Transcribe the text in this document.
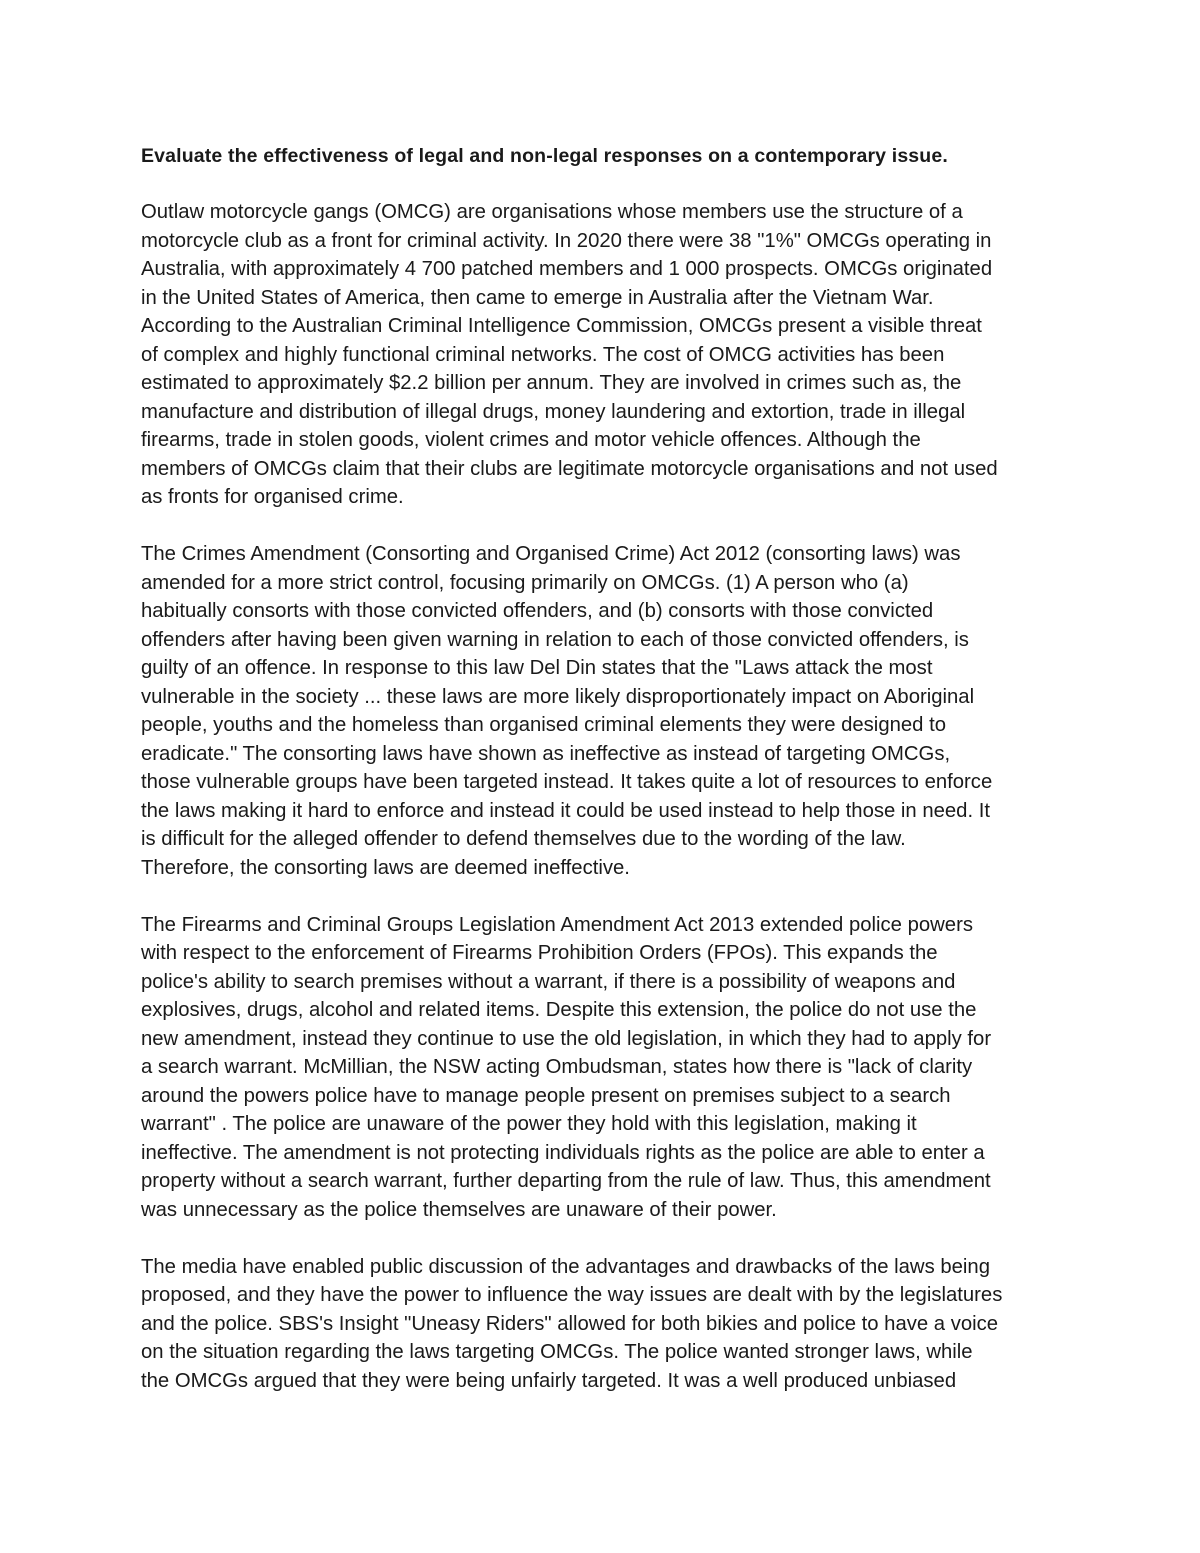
Evaluate the effectiveness of legal and non-legal responses on a contemporary issue.
Outlaw motorcycle gangs (OMCG) are organisations whose members use the structure of a
motorcycle club as a front for criminal activity. In 2020 there were 38 "1%" OMCGs operating in
Australia, with approximately 4 700 patched members and 1 000 prospects. OMCGs originated
in the United States of America, then came to emerge in Australia after the Vietnam War.
According to the Australian Criminal Intelligence Commission, OMCGs present a visible threat
of complex and highly functional criminal networks. The cost of OMCG activities has been
estimated to approximately $2.2 billion per annum. They are involved in crimes such as, the
manufacture and distribution of illegal drugs, money laundering and extortion, trade in illegal
firearms, trade in stolen goods, violent crimes and motor vehicle offences. Although the
members of OMCGs claim that their clubs are legitimate motorcycle organisations and not used
as fronts for organised crime.
The Crimes Amendment (Consorting and Organised Crime) Act 2012 (consorting laws) was
amended for a more strict control, focusing primarily on OMCGs. (1) A person who (a)
habitually consorts with those convicted offenders, and (b) consorts with those convicted
offenders after having been given warning in relation to each of those convicted offenders, is
guilty of an offence. In response to this law Del Din states that the "Laws attack the most
vulnerable in the society ... these laws are more likely disproportionately impact on Aboriginal
people, youths and the homeless than organised criminal elements they were designed to
eradicate." The consorting laws have shown as ineffective as instead of targeting OMCGs,
those vulnerable groups have been targeted instead. It takes quite a lot of resources to enforce
the laws making it hard to enforce and instead it could be used instead to help those in need. It
is difficult for the alleged offender to defend themselves due to the wording of the law.
Therefore, the consorting laws are deemed ineffective.
The Firearms and Criminal Groups Legislation Amendment Act 2013 extended police powers
with respect to the enforcement of Firearms Prohibition Orders (FPOs). This expands the
police's ability to search premises without a warrant, if there is a possibility of weapons and
explosives, drugs, alcohol and related items. Despite this extension, the police do not use the
new amendment, instead they continue to use the old legislation, in which they had to apply for
a search warrant. McMillian, the NSW acting Ombudsman, states how there is "lack of clarity
around the powers police have to manage people present on premises subject to a search
warrant" . The police are unaware of the power they hold with this legislation, making it
ineffective. The amendment is not protecting individuals rights as the police are able to enter a
property without a search warrant, further departing from the rule of law. Thus, this amendment
was unnecessary as the police themselves are unaware of their power.
The media have enabled public discussion of the advantages and drawbacks of the laws being
proposed, and they have the power to influence the way issues are dealt with by the legislatures
and the police. SBS's Insight "Uneasy Riders" allowed for both bikies and police to have a voice
on the situation regarding the laws targeting OMCGs. The police wanted stronger laws, while
the OMCGs argued that they were being unfairly targeted. It was a well produced unbiased
